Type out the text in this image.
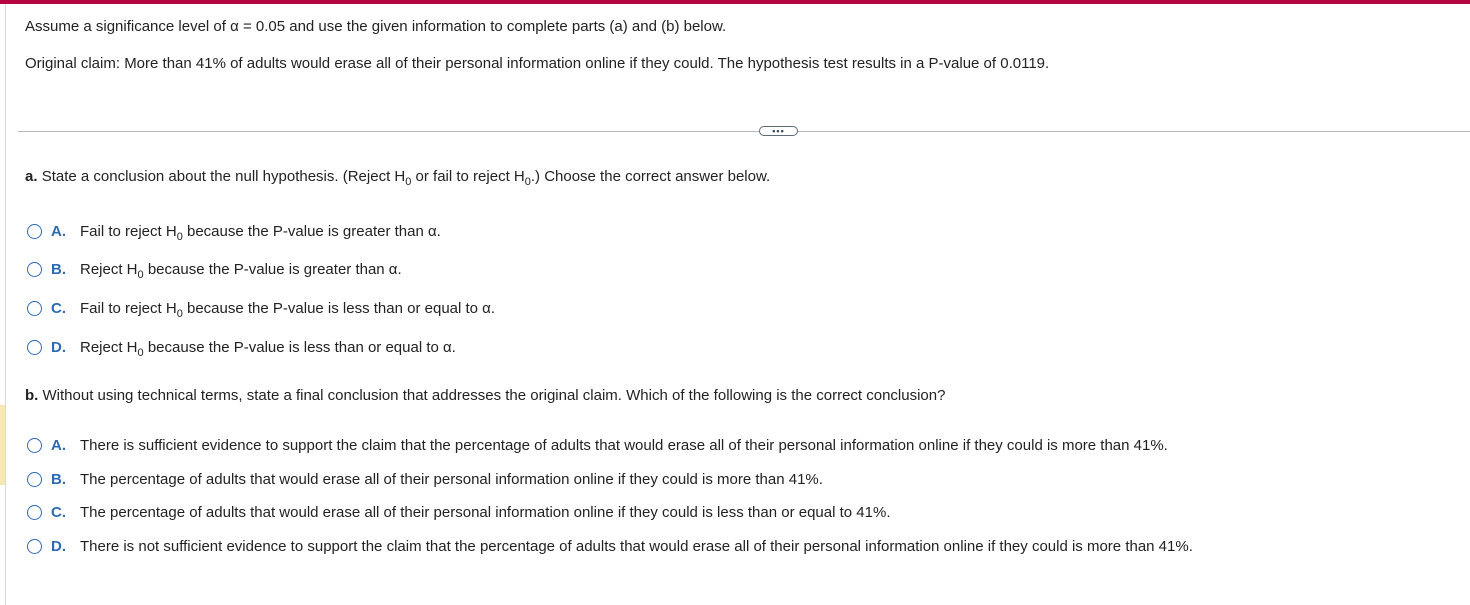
Assume a significance level of α = 0.05 and use the given information to complete parts (a) and (b) below.
Original claim: More than 41% of adults would erase all of their personal information online if they could. The hypothesis test results in a P-value of 0.0119.
•••
a. State a conclusion about the null hypothesis. (Reject $H_0$ or fail to reject $H_0$.) Choose the correct answer below.
A. Fail to reject $H_0$ because the P-value is greater than α.
B. Reject $H_0$ because the P-value is greater than α.
C. Fail to reject $H_0$ because the P-value is less than or equal to α.
D. Reject $H_0$ because the P-value is less than or equal to α.
b. Without using technical terms, state a final conclusion that addresses the original claim. Which of the following is the correct conclusion?
A. There is sufficient evidence to support the claim that the percentage of adults that would erase all of their personal information online if they could is more than 41%.
B. The percentage of adults that would erase all of their personal information online if they could is more than 41%.
C. The percentage of adults that would erase all of their personal information online if they could is less than or equal to 41%.
D. There is not sufficient evidence to support the claim that the percentage of adults that would erase all of their personal information online if they could is more than 41%.
